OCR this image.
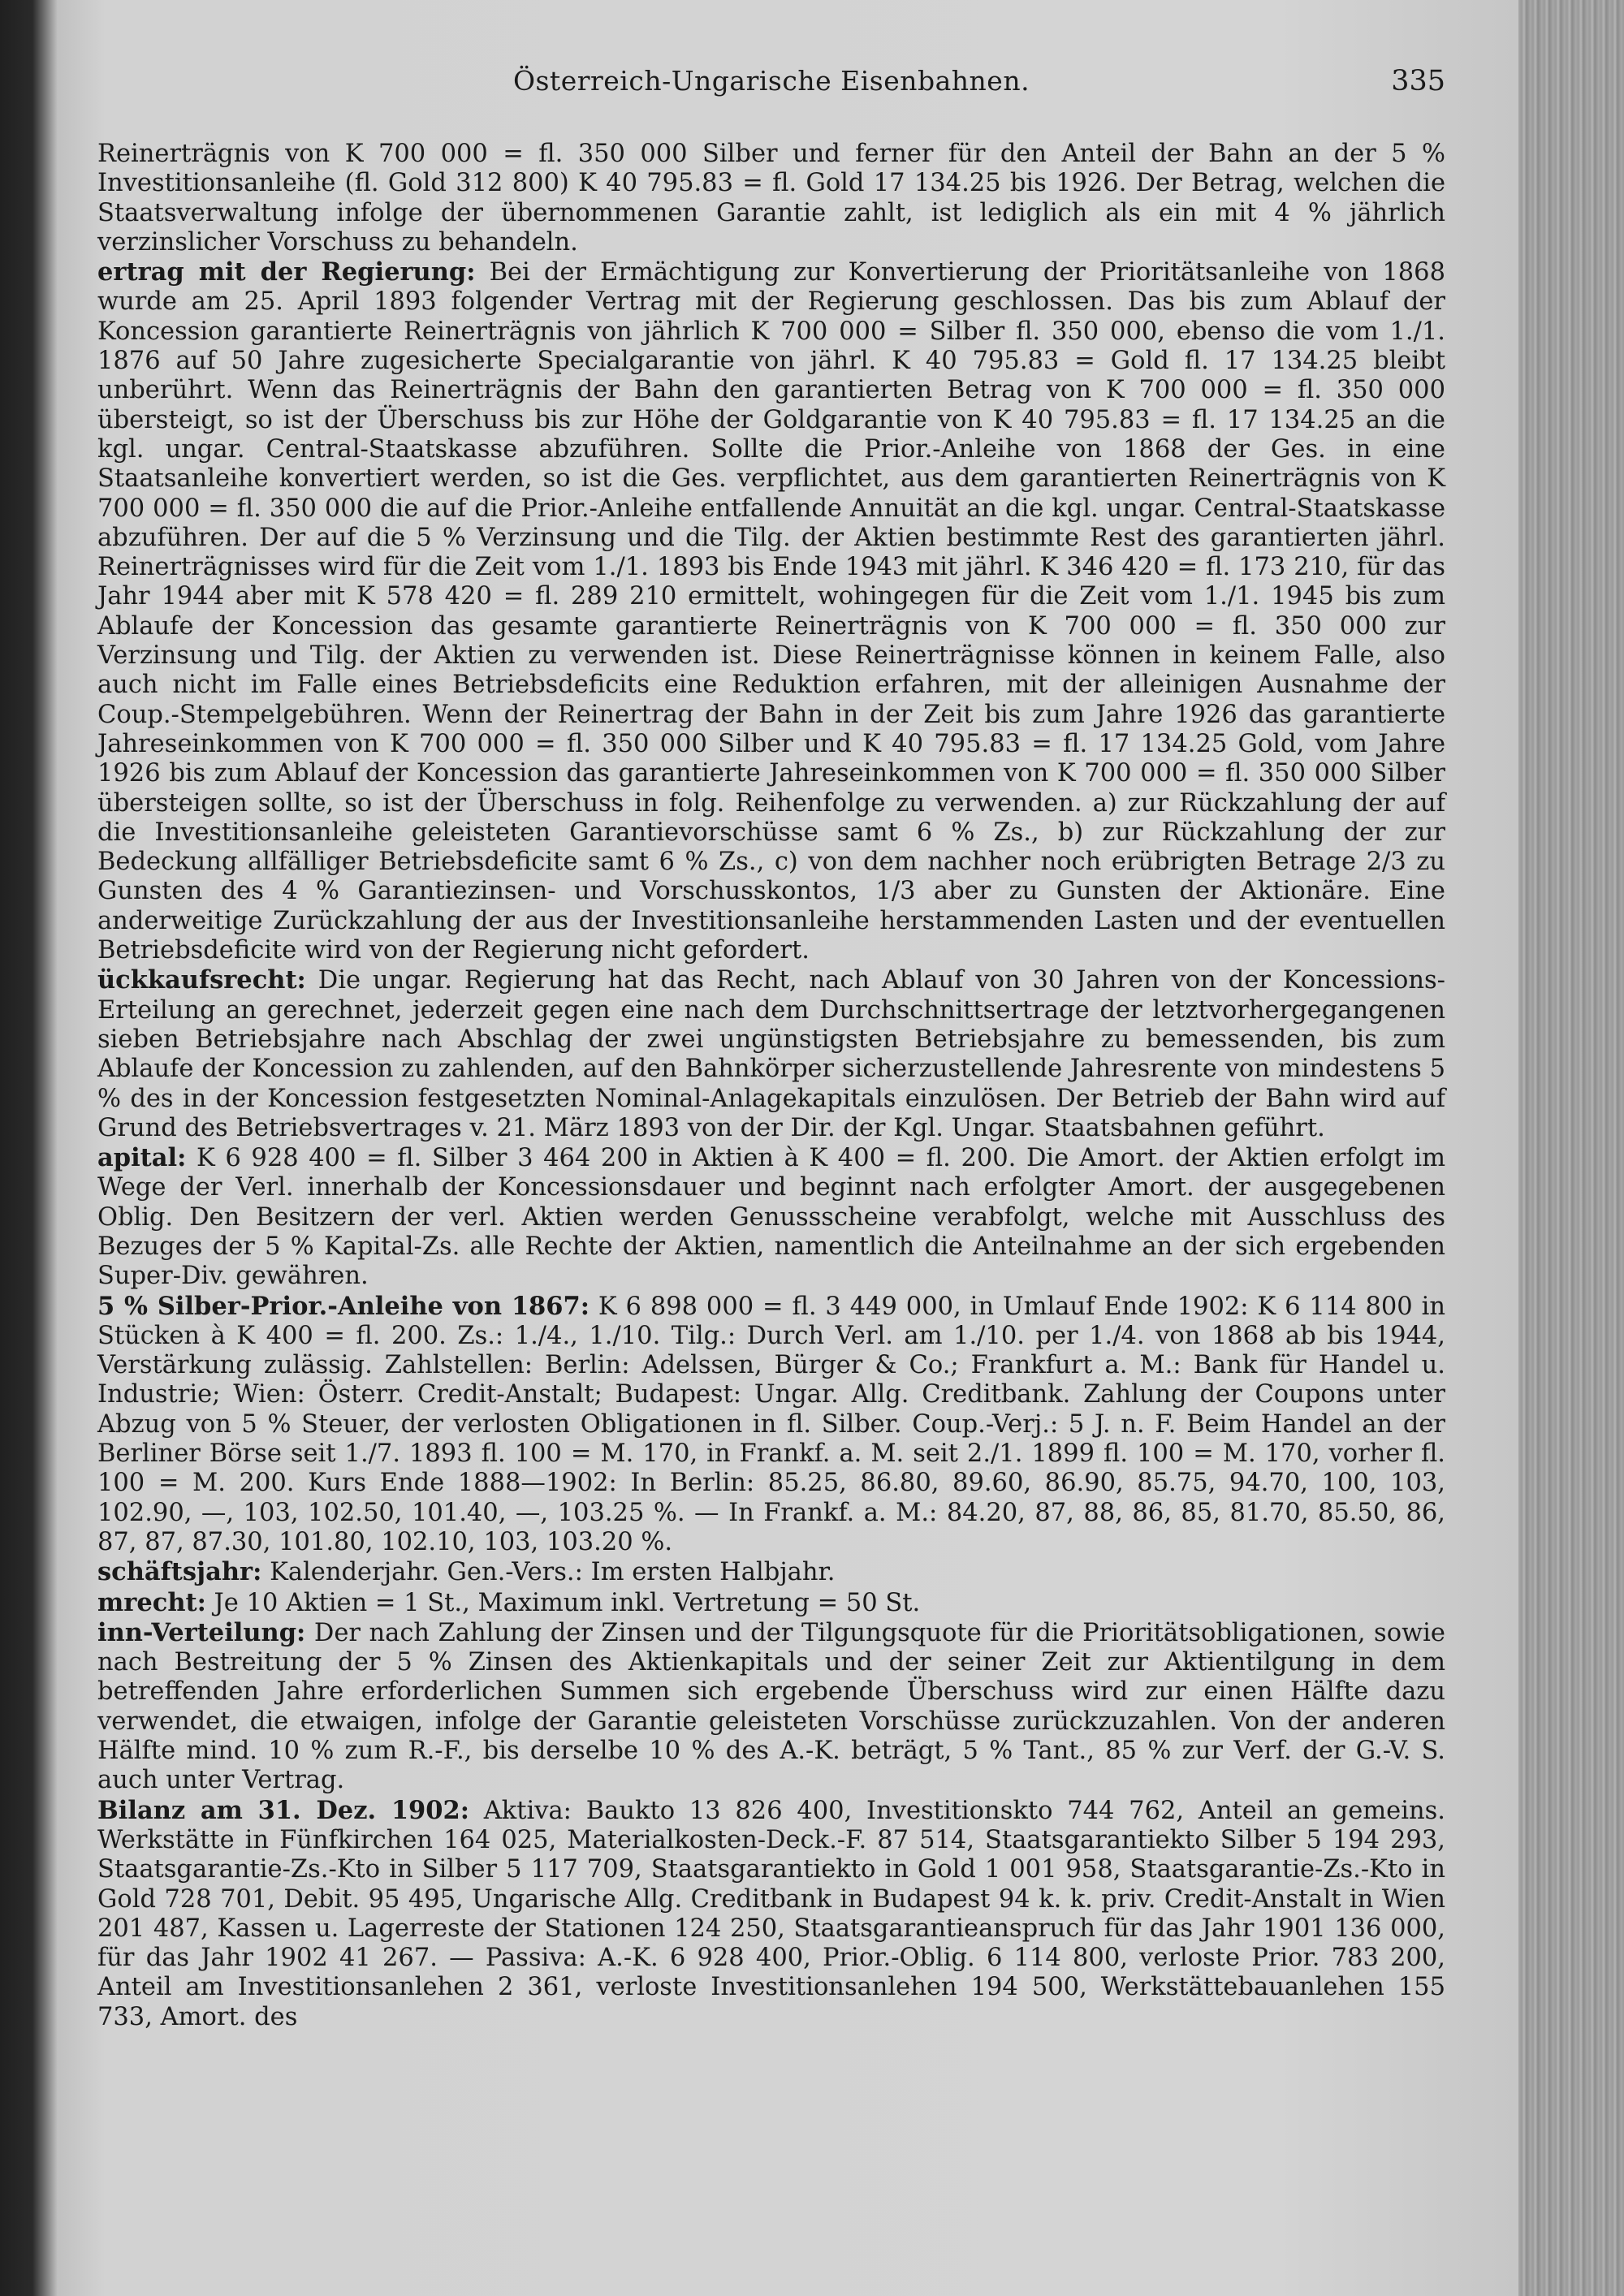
Österreich-Ungarische Eisenbahnen.	335

Reinerträgnis von K 700 000 = fl. 350 000 Silber und ferner für den Anteil der Bahn an der 5 % Investitionsanleihe (fl. Gold 312 800) K 40 795.83 = fl. Gold 17 134.25 bis 1926. Der Betrag, welchen die Staatsverwaltung infolge der übernommenen Garantie zahlt, ist lediglich als ein mit 4 % jährlich verzinslicher Vorschuss zu behandeln.

ertrag mit der Regierung: Bei der Ermächtigung zur Konvertierung der Prioritätsanleihe von 1868 wurde am 25. April 1893 folgender Vertrag mit der Regierung geschlossen. Das bis zum Ablauf der Koncession garantierte Reinerträgnis von jährlich K 700 000 = Silber fl. 350 000, ebenso die vom 1./1. 1876 auf 50 Jahre zugesicherte Specialgarantie von jährl. K 40 795.83 = Gold fl. 17 134.25 bleibt unberührt. Wenn das Reinerträgnis der Bahn den garantierten Betrag von K 700 000 = fl. 350 000 übersteigt, so ist der Überschuss bis zur Höhe der Goldgarantie von K 40 795.83 = fl. 17 134.25 an die kgl. ungar. Central-Staatskasse abzuführen. Sollte die Prior.-Anleihe von 1868 der Ges. in eine Staatsanleihe konvertiert werden, so ist die Ges. verpflichtet, aus dem garantierten Reinerträgnis von K 700 000 = fl. 350 000 die auf die Prior.-Anleihe entfallende Annuität an die kgl. ungar. Central-Staatskasse abzuführen. Der auf die 5 % Verzinsung und die Tilg. der Aktien bestimmte Rest des garantierten jährl. Reinerträgnisses wird für die Zeit vom 1./1. 1893 bis Ende 1943 mit jährl. K 346 420 = fl. 173 210, für das Jahr 1944 aber mit K 578 420 = fl. 289 210 ermittelt, wohingegen für die Zeit vom 1./1. 1945 bis zum Ablaufe der Koncession das gesamte garantierte Reinerträgnis von K 700 000 = fl. 350 000 zur Verzinsung und Tilg. der Aktien zu verwenden ist. Diese Reinerträgnisse können in keinem Falle, also auch nicht im Falle eines Betriebsdeficits eine Reduktion erfahren, mit der alleinigen Ausnahme der Coup.-Stempelgebühren. Wenn der Reinertrag der Bahn in der Zeit bis zum Jahre 1926 das garantierte Jahreseinkommen von K 700 000 = fl. 350 000 Silber und K 40 795.83 = fl. 17 134.25 Gold, vom Jahre 1926 bis zum Ablauf der Koncession das garantierte Jahreseinkommen von K 700 000 = fl. 350 000 Silber übersteigen sollte, so ist der Überschuss in folg. Reihenfolge zu verwenden. a) zur Rückzahlung der auf die Investitionsanleihe geleisteten Garantievorschüsse samt 6 % Zs., b) zur Rückzahlung der zur Bedeckung allfälliger Betriebsdeficite samt 6 % Zs., c) von dem nachher noch erübrigten Betrage 2/3 zu Gunsten des 4 % Garantiezinsen- und Vorschusskontos, 1/3 aber zu Gunsten der Aktionäre. Eine anderweitige Zurückzahlung der aus der Investitionsanleihe herstammenden Lasten und der eventuellen Betriebsdeficite wird von der Regierung nicht gefordert.

ückkaufsrecht: Die ungar. Regierung hat das Recht, nach Ablauf von 30 Jahren von der Koncessions-Erteilung an gerechnet, jederzeit gegen eine nach dem Durchschnittsertrage der letztvorhergegangenen sieben Betriebsjahre nach Abschlag der zwei ungünstigsten Betriebsjahre zu bemessenden, bis zum Ablaufe der Koncession zu zahlenden, auf den Bahnkörper sicherzustellende Jahresrente von mindestens 5 % des in der Koncession festgesetzten Nominal-Anlagekapitals einzulösen. Der Betrieb der Bahn wird auf Grund des Betriebsvertrages v. 21. März 1893 von der Dir. der Kgl. Ungar. Staatsbahnen geführt.

apital: K 6 928 400 = fl. Silber 3 464 200 in Aktien à K 400 = fl. 200. Die Amort. der Aktien erfolgt im Wege der Verl. innerhalb der Koncessionsdauer und beginnt nach erfolgter Amort. der ausgegebenen Oblig. Den Besitzern der verl. Aktien werden Genussscheine verabfolgt, welche mit Ausschluss des Bezuges der 5 % Kapital-Zs. alle Rechte der Aktien, namentlich die Anteilnahme an der sich ergebenden Super-Div. gewähren.

5 % Silber-Prior.-Anleihe von 1867: K 6 898 000 = fl. 3 449 000, in Umlauf Ende 1902: K 6 114 800 in Stücken à K 400 = fl. 200. Zs.: 1./4., 1./10. Tilg.: Durch Verl. am 1./10. per 1./4. von 1868 ab bis 1944, Verstärkung zulässig. Zahlstellen: Berlin: Adelssen, Bürger & Co.; Frankfurt a. M.: Bank für Handel u. Industrie; Wien: Österr. Credit-Anstalt; Budapest: Ungar. Allg. Creditbank. Zahlung der Coupons unter Abzug von 5 % Steuer, der verlosten Obligationen in fl. Silber. Coup.-Verj.: 5 J. n. F. Beim Handel an der Berliner Börse seit 1./7. 1893 fl. 100 = M. 170, in Frankf. a. M. seit 2./1. 1899 fl. 100 = M. 170, vorher fl. 100 = M. 200. Kurs Ende 1888—1902: In Berlin: 85.25, 86.80, 89.60, 86.90, 85.75, 94.70, 100, 103, 102.90, —, 103, 102.50, 101.40, —, 103.25 %. — In Frankf. a. M.: 84.20, 87, 88, 86, 85, 81.70, 85.50, 86, 87, 87, 87.30, 101.80, 102.10, 103, 103.20 %.

schäftsjahr: Kalenderjahr. Gen.-Vers.: Im ersten Halbjahr.

mrecht: Je 10 Aktien = 1 St., Maximum inkl. Vertretung = 50 St.

inn-Verteilung: Der nach Zahlung der Zinsen und der Tilgungsquote für die Prioritätsobligationen, sowie nach Bestreitung der 5 % Zinsen des Aktienkapitals und der seiner Zeit zur Aktientilgung in dem betreffenden Jahre erforderlichen Summen sich ergebende Überschuss wird zur einen Hälfte dazu verwendet, die etwaigen, infolge der Garantie geleisteten Vorschüsse zurückzuzahlen. Von der anderen Hälfte mind. 10 % zum R.-F., bis derselbe 10 % des A.-K. beträgt, 5 % Tant., 85 % zur Verf. der G.-V. S. auch unter Vertrag.

Bilanz am 31. Dez. 1902: Aktiva: Baukto 13 826 400, Investitionskto 744 762, Anteil an gemeins. Werkstätte in Fünfkirchen 164 025, Materialkosten-Deck.-F. 87 514, Staatsgarantiekto Silber 5 194 293, Staatsgarantie-Zs.-Kto in Silber 5 117 709, Staatsgarantiekto in Gold 1 001 958, Staatsgarantie-Zs.-Kto in Gold 728 701, Debit. 95 495, Ungarische Allg. Creditbank in Budapest 94 k. k. priv. Credit-Anstalt in Wien 201 487, Kassen u. Lagerreste der Stationen 124 250, Staatsgarantieanspruch für das Jahr 1901 136 000, für das Jahr 1902 41 267. — Passiva: A.-K. 6 928 400, Prior.-Oblig. 6 114 800, verloste Prior. 783 200, Anteil am Investitionsanlehen 2 361, verloste Investitionsanlehen 194 500, Werkstättebauanlehen 155 733, Amort. des
